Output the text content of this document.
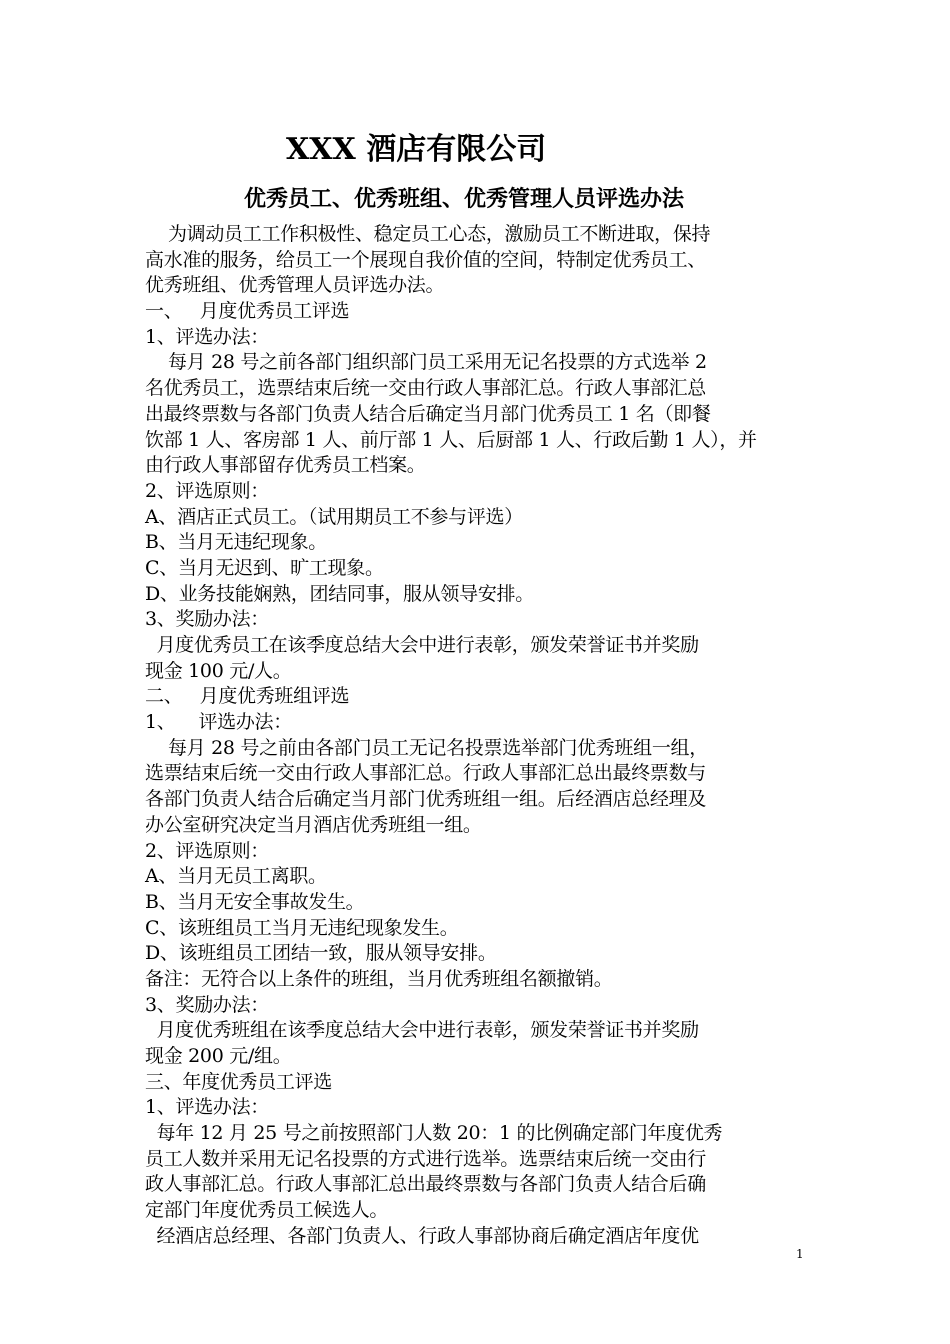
XXX 酒店有限公司
优秀员工、优秀班组、优秀管理人员评选办法
为调动员工工作积极性、稳定员工心态，激励员工不断进取，保持
高水准的服务，给员工一个展现自我价值的空间，特制定优秀员工、
优秀班组、优秀管理人员评选办法。
一、   月度优秀员工评选
1、评选办法：
每月 28 号之前各部门组织部门员工采用无记名投票的方式选举 2
名优秀员工，选票结束后统一交由行政人事部汇总。行政人事部汇总
出最终票数与各部门负责人结合后确定当月部门优秀员工 1 名（即餐
饮部 1 人、客房部 1 人、前厅部 1 人、后厨部 1 人、行政后勤 1 人），并
由行政人事部留存优秀员工档案。
2、评选原则：
A、酒店正式员工。（试用期员工不参与评选）
B、当月无违纪现象。
C、当月无迟到、旷工现象。
D、业务技能娴熟，团结同事，服从领导安排。
3、奖励办法：
月度优秀员工在该季度总结大会中进行表彰，颁发荣誉证书并奖励
现金 100 元/人。
二、   月度优秀班组评选
1、    评选办法：
每月 28 号之前由各部门员工无记名投票选举部门优秀班组一组，
选票结束后统一交由行政人事部汇总。行政人事部汇总出最终票数与
各部门负责人结合后确定当月部门优秀班组一组。后经酒店总经理及
办公室研究决定当月酒店优秀班组一组。
2、评选原则：
A、当月无员工离职。
B、当月无安全事故发生。
C、该班组员工当月无违纪现象发生。
D、该班组员工团结一致，服从领导安排。
备注：无符合以上条件的班组，当月优秀班组名额撤销。
3、奖励办法：
月度优秀班组在该季度总结大会中进行表彰，颁发荣誉证书并奖励
现金 200 元/组。
三、年度优秀员工评选
1、评选办法：
每年 12 月 25 号之前按照部门人数 20：1 的比例确定部门年度优秀
员工人数并采用无记名投票的方式进行选举。选票结束后统一交由行
政人事部汇总。行政人事部汇总出最终票数与各部门负责人结合后确
定部门年度优秀员工候选人。
经酒店总经理、各部门负责人、行政人事部协商后确定酒店年度优
1
